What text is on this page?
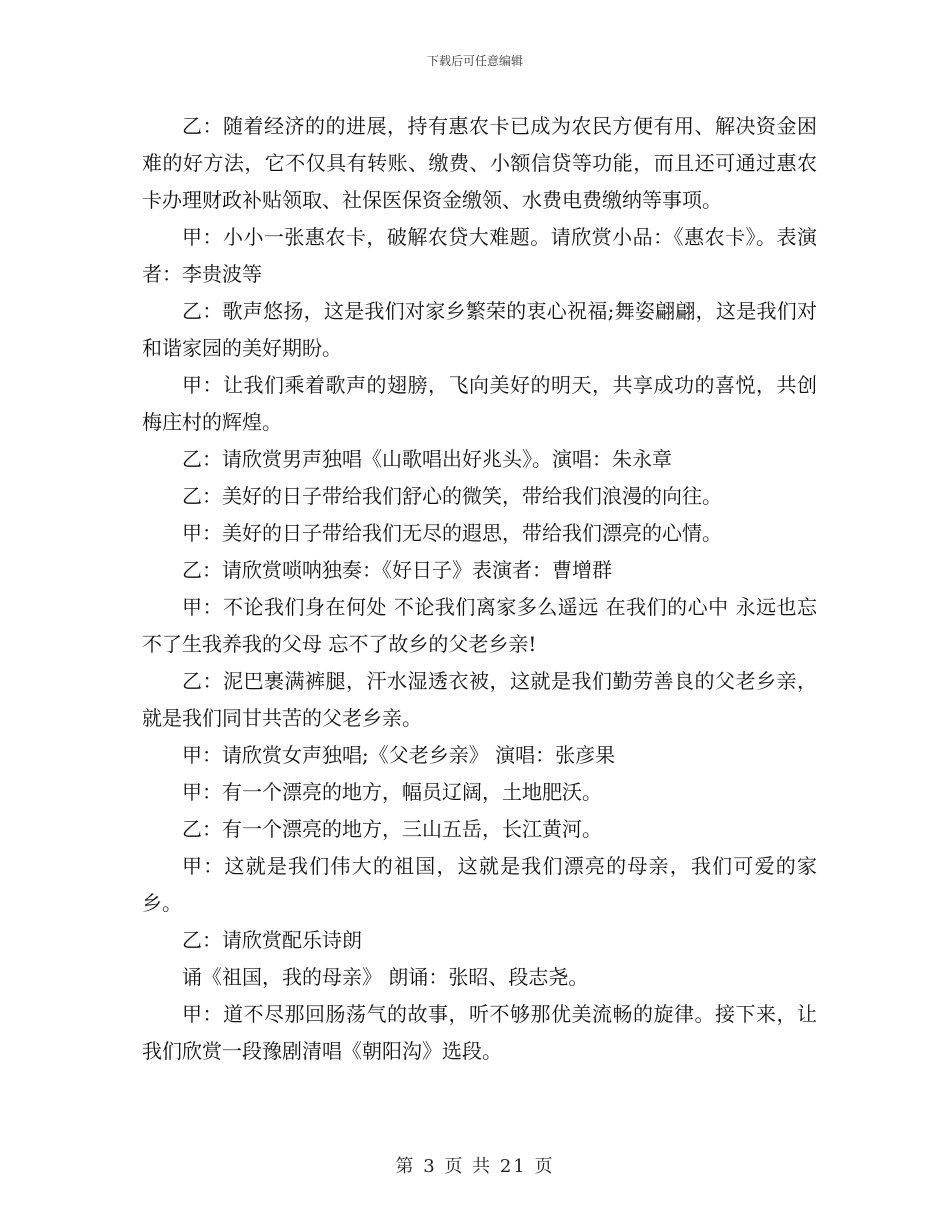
下载后可任意编辑

乙：随着经济的的进展，持有惠农卡已成为农民方便有用、解决资金困难的好方法，它不仅具有转账、缴费、小额信贷等功能，而且还可通过惠农卡办理财政补贴领取、社保医保资金缴领、水费电费缴纳等事项。

甲：小小一张惠农卡，破解农贷大难题。请欣赏小品：《惠农卡》。表演者：李贵波等

乙：歌声悠扬，这是我们对家乡繁荣的衷心祝福;舞姿翩翩，这是我们对和谐家园的美好期盼。

甲：让我们乘着歌声的翅膀，飞向美好的明天，共享成功的喜悦，共创梅庄村的辉煌。

乙：请欣赏男声独唱《山歌唱出好兆头》。演唱：朱永章

乙：美好的日子带给我们舒心的微笑，带给我们浪漫的向往。

甲：美好的日子带给我们无尽的遐思，带给我们漂亮的心情。

乙：请欣赏唢呐独奏：《好日子》表演者：曹增群

甲：不论我们身在何处 不论我们离家多么遥远 在我们的心中 永远也忘不了生我养我的父母 忘不了故乡的父老乡亲!

乙：泥巴裹满裤腿，汗水湿透衣被，这就是我们勤劳善良的父老乡亲，就是我们同甘共苦的父老乡亲。

甲：请欣赏女声独唱;《父老乡亲》 演唱：张彦果

甲：有一个漂亮的地方，幅员辽阔，土地肥沃。

乙：有一个漂亮的地方，三山五岳，长江黄河。

甲：这就是我们伟大的祖国，这就是我们漂亮的母亲，我们可爱的家乡。

乙：请欣赏配乐诗朗

诵《祖国，我的母亲》 朗诵：张昭、段志尧。

甲：道不尽那回肠荡气的故事，听不够那优美流畅的旋律。接下来，让我们欣赏一段豫剧清唱《朝阳沟》选段。

第 3 页 共 21 页
